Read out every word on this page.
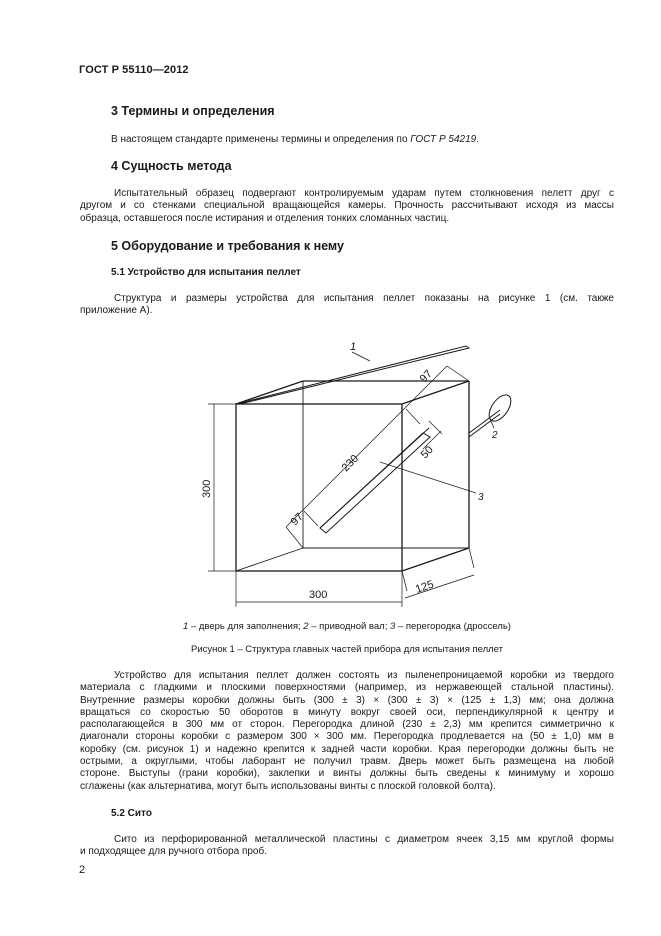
ГОСТ Р 55110—2012
3 Термины и определения
В настоящем стандарте применены термины и определения по ГОСТ Р 54219.
4 Сущность метода
Испытательный образец подвергают контролируемым ударам путем столкновения пелетт друг с
другом и со стенками специальной вращающейся камеры. Прочность рассчитывают исходя из массы
образца, оставшегося после истирания и отделения тонких сломанных частиц.
5 Оборудование и требования к нему
5.1 Устройство для испытания пеллет
Структура и размеры устройства для испытания пеллет показаны на рисунке 1 (см. также
приложение А).
1
2
3
97
230
50
97
300
300	125
1 – дверь для заполнения; 2 – приводной вал; 3 – перегородка (дроссель)
Рисунок 1 – Структура главных частей прибора для испытания пеллет
Устройство для испытания пеллет должен состоять из пыленепроницаемой коробки из твердого
материала с гладкими и плоскими поверхностями (например, из нержавеющей стальной пластины).
Внутренние размеры коробки должны быть (300 ± 3) × (300 ± 3) × (125 ± 1,3) мм; она должна
вращаться со скоростью 50 оборотов в минуту вокруг своей оси, перпендикулярной к центру и
располагающейся в 300 мм от сторон. Перегородка длиной (230 ± 2,3) мм крепится симметрично к
диагонали стороны коробки с размером 300 × 300 мм. Перегородка продлевается на (50 ± 1,0) мм в
коробку (см. рисунок 1) и надежно крепится к задней части коробки. Края перегородки должны быть не
острыми, а округлыми, чтобы лаборант не получил травм. Дверь может быть размещена на любой
стороне. Выступы (грани коробки), заклепки и винты должны быть сведены к минимуму и хорошо
сглажены (как альтернатива, могут быть использованы винты с плоской головкой болта).
5.2 Сито
Сито из перфорированной металлической пластины с диаметром ячеек 3,15 мм круглой формы
и подходящее для ручного отбора проб.
2
